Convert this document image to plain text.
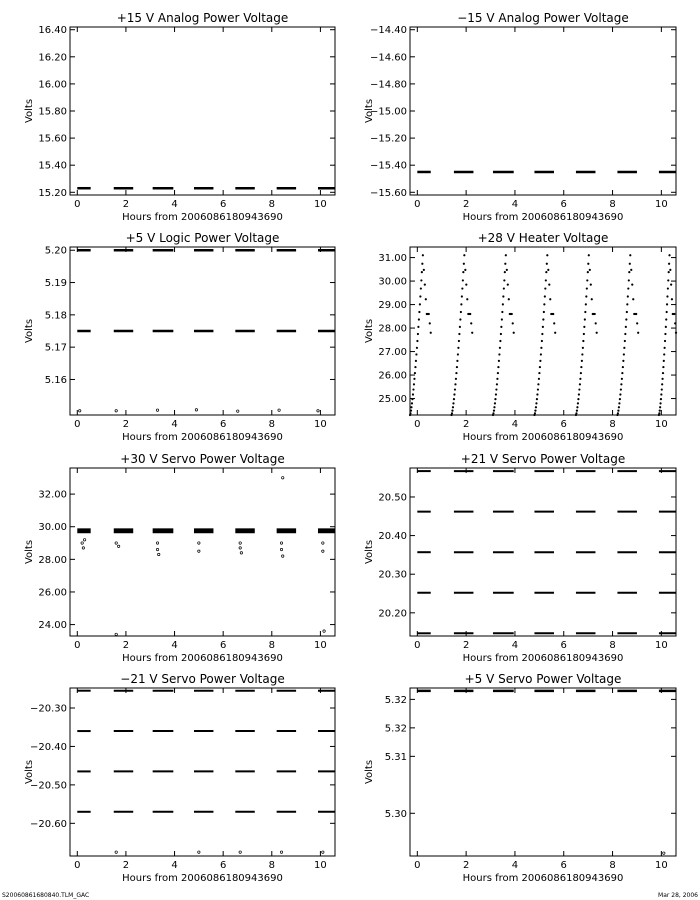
+15 V Analog Power Voltage
0	2	4	6	8	10
Hours from 2006086180943690
15.20
15.40
15.60
15.80
16.00
16.20
16.40
Volts
−15 V Analog Power Voltage
0	2	4	6	8	10
Hours from 2006086180943690
−15.60
−15.40
−15.20
−15.00
−14.80
−14.60
−14.40
Volts
+5 V Logic Power Voltage
0	2	4	6	8	10
Hours from 2006086180943690
5.16
5.17
5.18
5.19
5.20
Volts
+28 V Heater Voltage
0	2	4	6	8	10
Hours from 2006086180943690
25.00
26.00
27.00
28.00
29.00
30.00
31.00
Volts
+30 V Servo Power Voltage
0	2	4	6	8	10
Hours from 2006086180943690
24.00
26.00
28.00
30.00
32.00
Volts
+21 V Servo Power Voltage
0	2	4	6	8	10
Hours from 2006086180943690
20.20
20.30
20.40
20.50
Volts
−21 V Servo Power Voltage
0	2	4	6	8	10
Hours from 2006086180943690
−20.60
−20.50
−20.40
−20.30
Volts
+5 V Servo Power Voltage
0	2	4	6	8	10
Hours from 2006086180943690
5.30
5.31
5.32
5.32
Volts
S20060861680840.TLM_GAC	Mar 28, 2006
